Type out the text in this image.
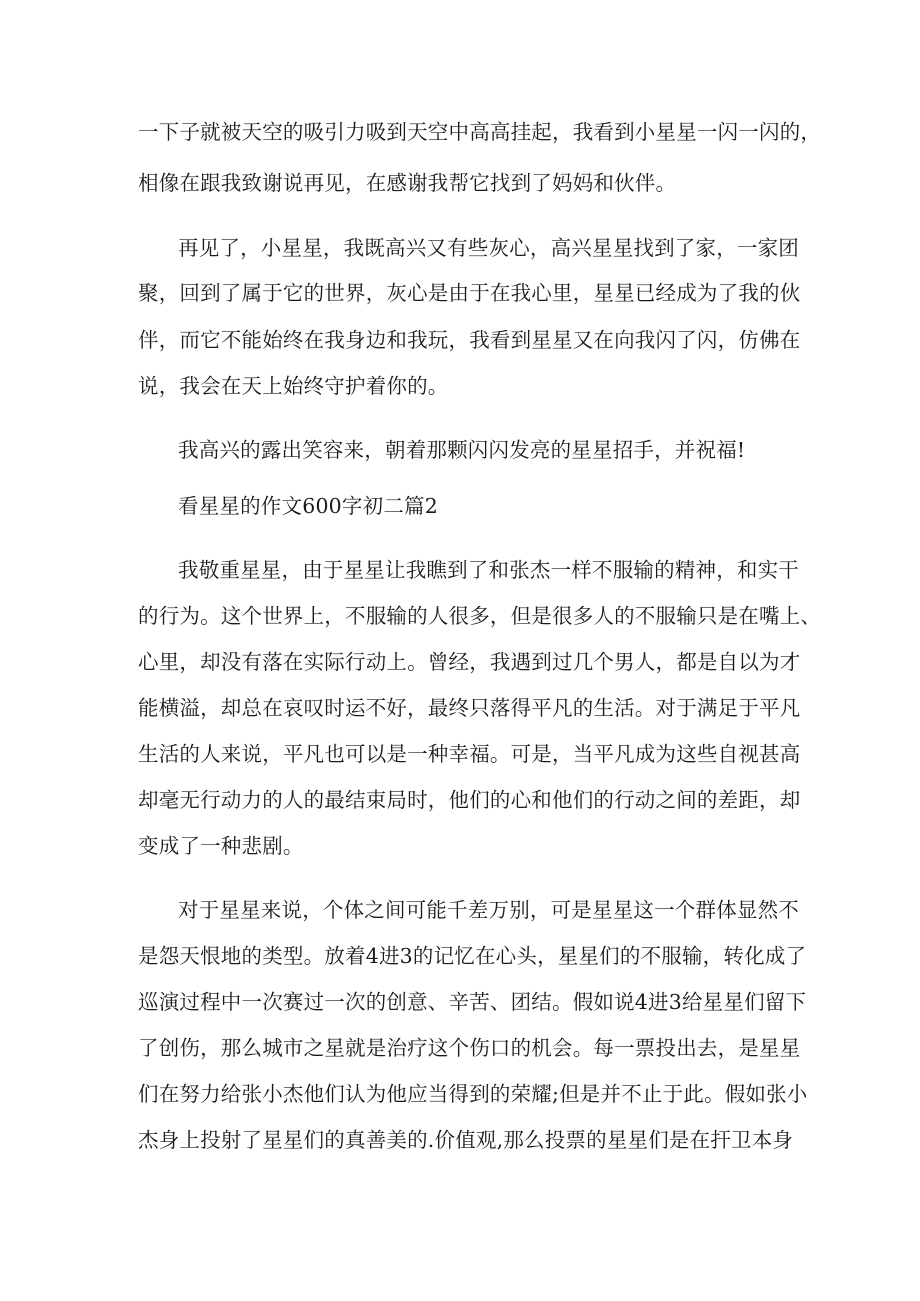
一下子就被天空的吸引力吸到天空中高高挂起，我看到小星星一闪一闪的，
相像在跟我致谢说再见，在感谢我帮它找到了妈妈和伙伴。
再见了，小星星，我既高兴又有些灰心，高兴星星找到了家，一家团
聚，回到了属于它的世界，灰心是由于在我心里，星星已经成为了我的伙
伴，而它不能始终在我身边和我玩，我看到星星又在向我闪了闪，仿佛在
说，我会在天上始终守护着你的。
我高兴的露出笑容来，朝着那颗闪闪发亮的星星招手，并祝福!
看星星的作文600字初二篇2
我敬重星星，由于星星让我瞧到了和张杰一样不服输的精神，和实干
的行为。这个世界上，不服输的人很多，但是很多人的不服输只是在嘴上、
心里，却没有落在实际行动上。曾经，我遇到过几个男人，都是自以为才
能横溢，却总在哀叹时运不好，最终只落得平凡的生活。对于满足于平凡
生活的人来说，平凡也可以是一种幸福。可是，当平凡成为这些自视甚高
却毫无行动力的人的最结束局时，他们的心和他们的行动之间的差距，却
变成了一种悲剧。
对于星星来说，个体之间可能千差万别，可是星星这一个群体显然不
是怨天恨地的类型。放着4进3的记忆在心头，星星们的不服输，转化成了
巡演过程中一次赛过一次的创意、辛苦、团结。假如说4进3给星星们留下
了创伤，那么城市之星就是治疗这个伤口的机会。每一票投出去，是星星
们在努力给张小杰他们认为他应当得到的荣耀;但是并不止于此。假如张小
杰身上投射了星星们的真善美的.价值观,那么投票的星星们是在扞卫本身
